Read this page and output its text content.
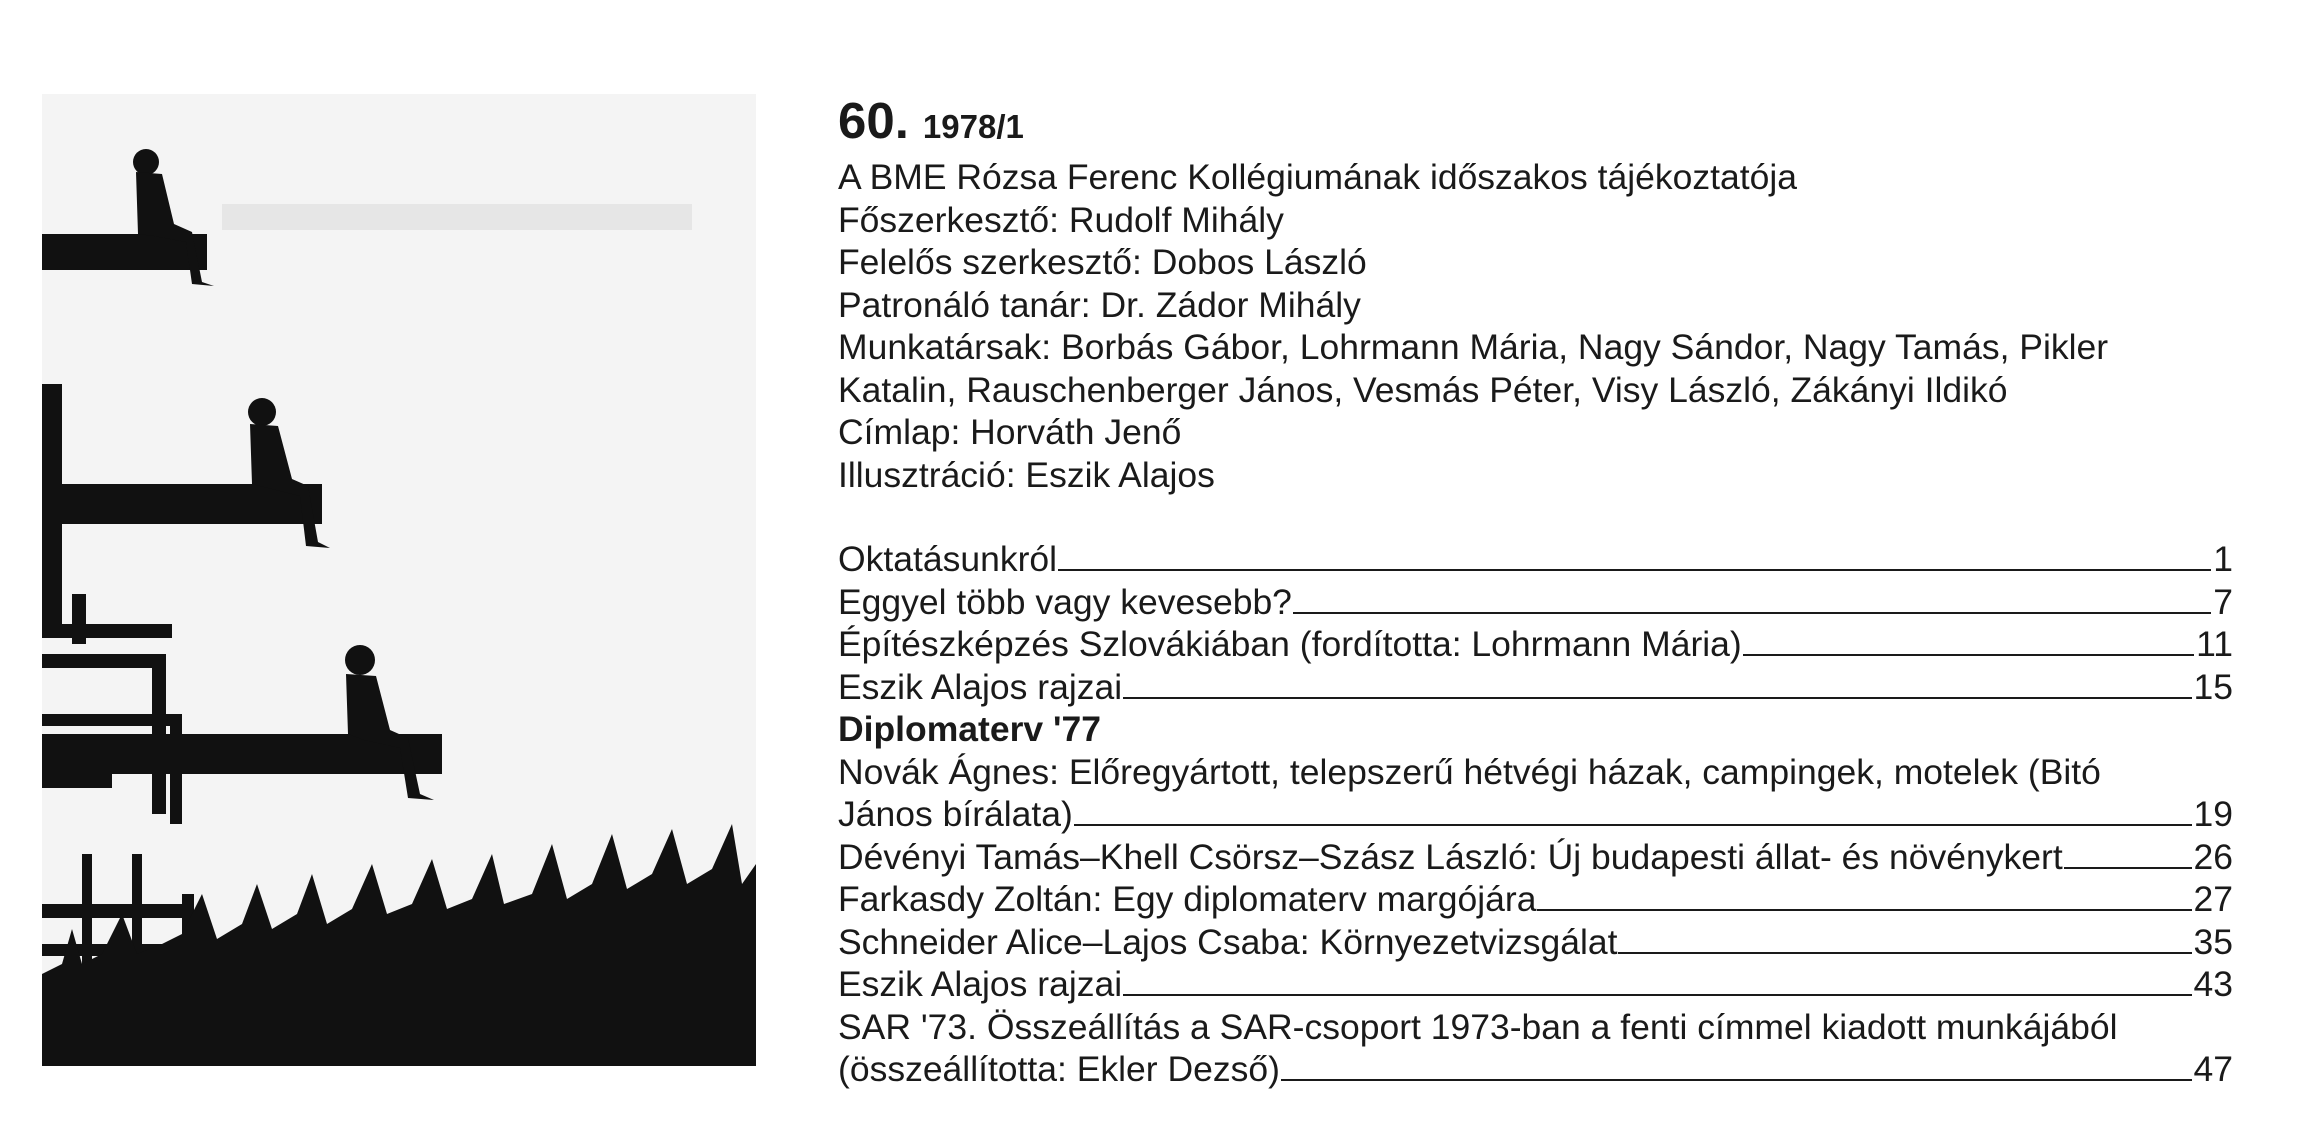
60. 1978/1
A BME Rózsa Ferenc Kollégiumának időszakos tájékoztatója
Főszerkesztő: Rudolf Mihály
Felelős szerkesztő: Dobos László
Patronáló tanár: Dr. Zádor Mihály
Munkatársak: Borbás Gábor, Lohrmann Mária, Nagy Sándor, Nagy Tamás, Pikler
Katalin, Rauschenberger János, Vesmás Péter, Visy László, Zákányi Ildikó
Címlap: Horváth Jenő
Illusztráció: Eszik Alajos
Oktatásunkról	1
Eggyel több vagy kevesebb?	7
Építészképzés Szlovákiában (fordította: Lohrmann Mária)	11
Eszik Alajos rajzai	15
Diplomaterv '77
Novák Ágnes: Előregyártott, telepszerű hétvégi házak, campingek, motelek (Bitó
János bírálata)	19
Dévényi Tamás–Khell Csörsz–Szász László: Új budapesti állat- és növénykert	26
Farkasdy Zoltán: Egy diplomaterv margójára	27
Schneider Alice–Lajos Csaba: Környezetvizsgálat	35
Eszik Alajos rajzai	43
SAR '73. Összeállítás a SAR-csoport 1973-ban a fenti címmel kiadott munkájából
(összeállította: Ekler Dezső)	47
